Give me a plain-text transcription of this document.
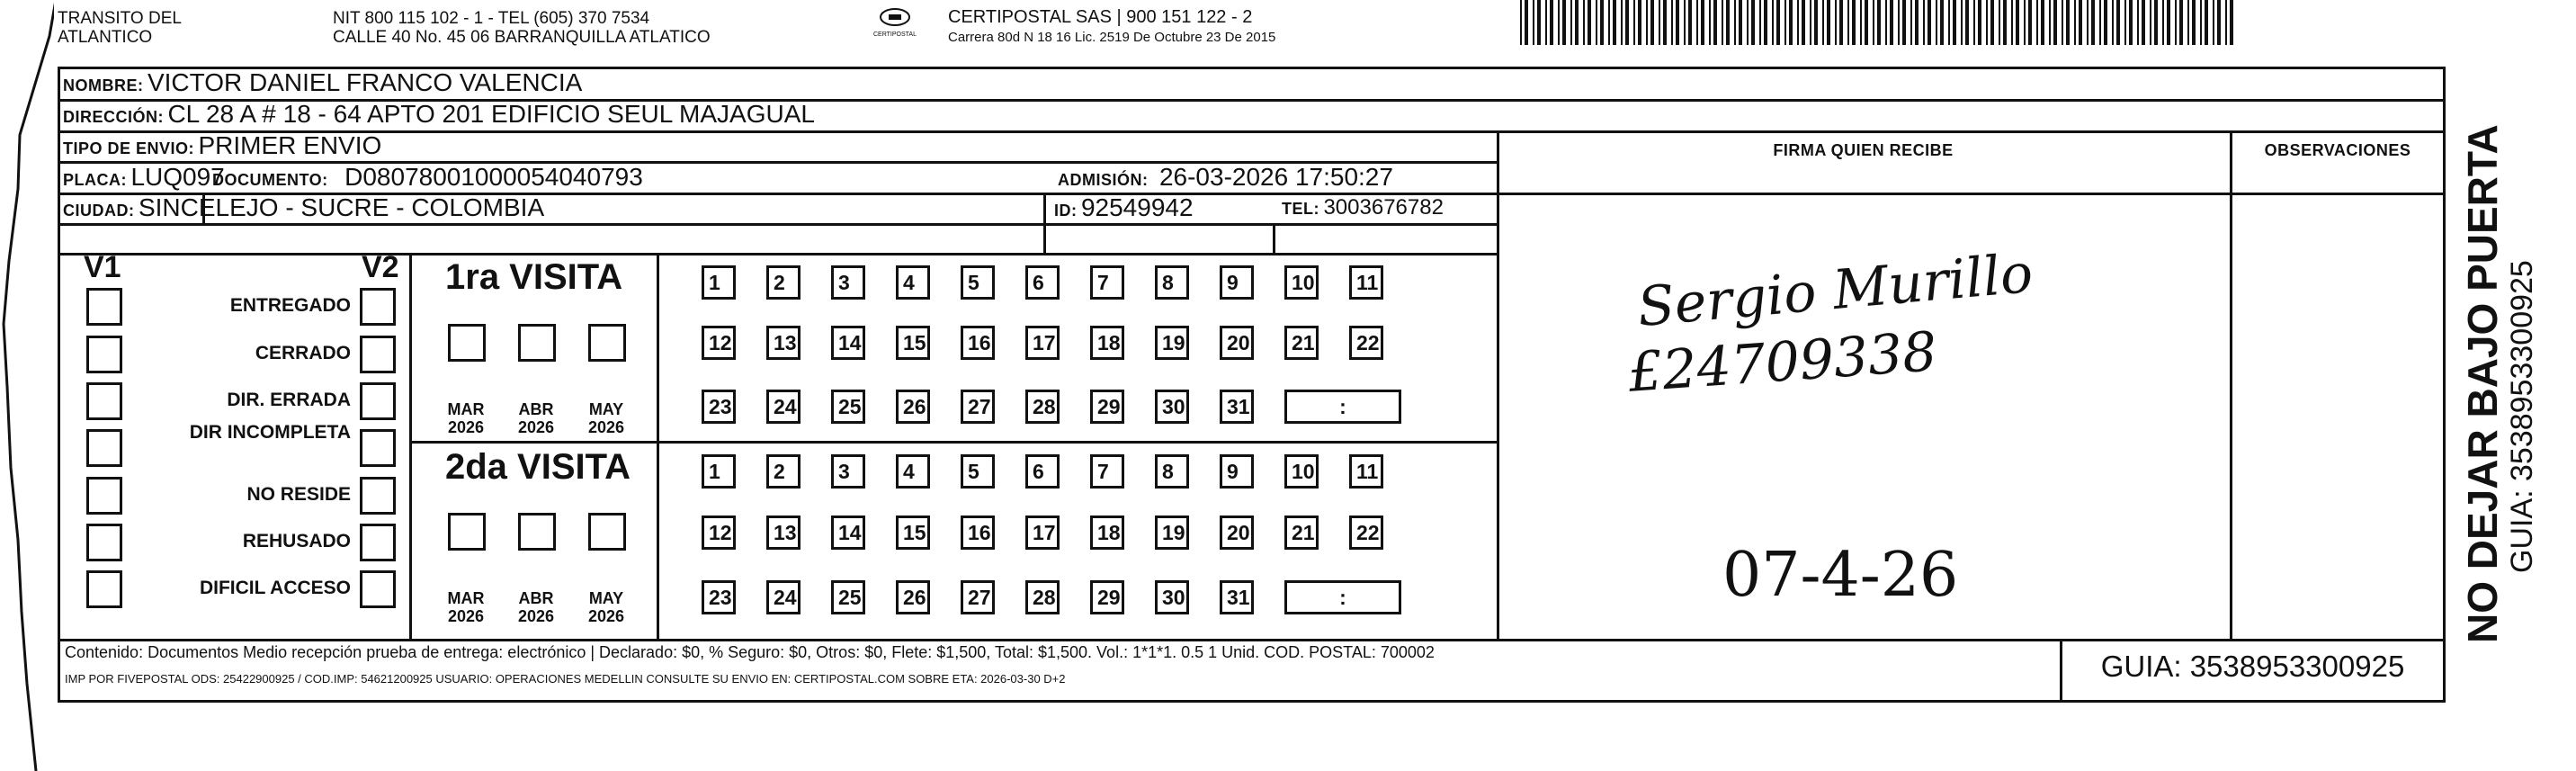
TRANSITO DEL
ATLANTICO
NIT 800 115 102 - 1 - TEL (605) 370 7534
CALLE 40 No. 45 06 BARRANQUILLA ATLATICO	CERTIPOSTAL
CERTIPOSTAL SAS | 900 151 122 - 2
Carrera 80d N 18 16 Lic. 2519 De Octubre 23 De 2015
NOMBRE: VICTOR DANIEL FRANCO VALENCIA
DIRECCIÓN: CL 28 A # 18 - 64 APTO 201 EDIFICIO SEUL MAJAGUAL
TIPO DE ENVIO: PRIMER ENVIO
PLACA: LUQ097
DOCUMENTO: D08078001000054040793	ADMISIÓN: 26-03-2026 17:50:27
CIUDAD: SINCELEJO - SUCRE - COLOMBIA	ID: 92549942	TEL: 3003676782
FIRMA QUIEN RECIBE	OBSERVACIONES
V1	V2
ENTREGADO
CERRADO
DIR. ERRADA
DIR INCOMPLETA
NO RESIDE
REHUSADO
DIFICIL ACCESO
1ra VISITA
2da VISITA
MAR
2026
ABR
2026
MAY
2026
1	2	3	4	5	6	7	8	9	10	11
12	13	14	15	16	17	18	19	20	21	22
23	24	25	26	27	28	29	30	31	:
MAR
2026
ABR
2026
MAY
2026
1	2	3	4	5	6	7	8	9	10	11
12	13	14	15	16	17	18	19	20	21	22
23	24	25	26	27	28	29	30	31	:
Sergio Murillo
£24709338
07-4-26	NO DEJAR BAJO PUERTA GUIA: 3538953300925
Contenido: Documentos Medio recepción prueba de entrega: electrónico | Declarado: $0, % Seguro: $0, Otros: $0, Flete: $1,500, Total: $1,500. Vol.: 1*1*1. 0.5 1 Unid. COD. POSTAL: 700002
IMP POR FIVEPOSTAL ODS: 25422900925 / COD.IMP: 54621200925 USUARIO: OPERACIONES MEDELLIN CONSULTE SU ENVIO EN: CERTIPOSTAL.COM SOBRE ETA: 2026-03-30 D+2	GUIA: 3538953300925
